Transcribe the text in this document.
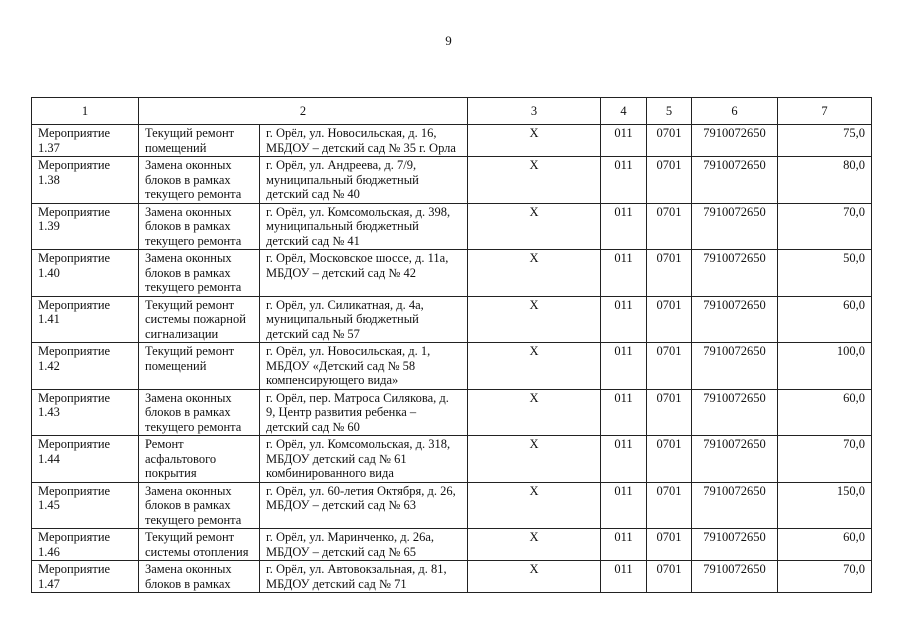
9
1	2		3	4	5	6	7
Мероприятие 1.37	Текущий ремонт помещений	г. Орёл, ул. Новосильская, д. 16, МБДОУ – детский сад № 35 г. Орла	Х	011	0701	7910072650	75,0
Мероприятие 1.38	Замена оконных блоков в рамках текущего ремонта	г. Орёл, ул. Андреева, д. 7/9, муниципальный бюджетный детский сад № 40	Х	011	0701	7910072650	80,0
Мероприятие 1.39	Замена оконных блоков в рамках текущего ремонта	г. Орёл, ул. Комсомольская, д. 398, муниципальный бюджетный детский сад № 41	Х	011	0701	7910072650	70,0
Мероприятие 1.40	Замена оконных блоков в рамках текущего ремонта	г. Орёл, Московское шоссе, д. 11а, МБДОУ – детский сад № 42	Х	011	0701	7910072650	50,0
Мероприятие 1.41	Текущий ремонт системы пожарной сигнализации	г. Орёл, ул. Силикатная, д. 4а, муниципальный бюджетный детский сад № 57	Х	011	0701	7910072650	60,0
Мероприятие 1.42	Текущий ремонт помещений	г. Орёл, ул. Новосильская, д. 1, МБДОУ «Детский сад № 58 компенсирующего вида»	Х	011	0701	7910072650	100,0
Мероприятие 1.43	Замена оконных блоков в рамках текущего ремонта	г. Орёл, пер. Матроса Силякова, д. 9, Центр развития ребенка – детский сад № 60	Х	011	0701	7910072650	60,0
Мероприятие 1.44	Ремонт асфальтового покрытия	г. Орёл, ул. Комсомольская, д. 318, МБДОУ детский сад № 61 комбинированного вида	Х	011	0701	7910072650	70,0
Мероприятие 1.45	Замена оконных блоков в рамках текущего ремонта	г. Орёл, ул. 60-летия Октября, д. 26, МБДОУ – детский сад № 63	Х	011	0701	7910072650	150,0
Мероприятие 1.46	Текущий ремонт системы отопления	г. Орёл, ул. Маринченко, д. 26а, МБДОУ – детский сад № 65	Х	011	0701	7910072650	60,0
Мероприятие 1.47	Замена оконных блоков в рамках	г. Орёл, ул. Автовокзальная, д. 81, МБДОУ детский сад № 71	Х	011	0701	7910072650	70,0
